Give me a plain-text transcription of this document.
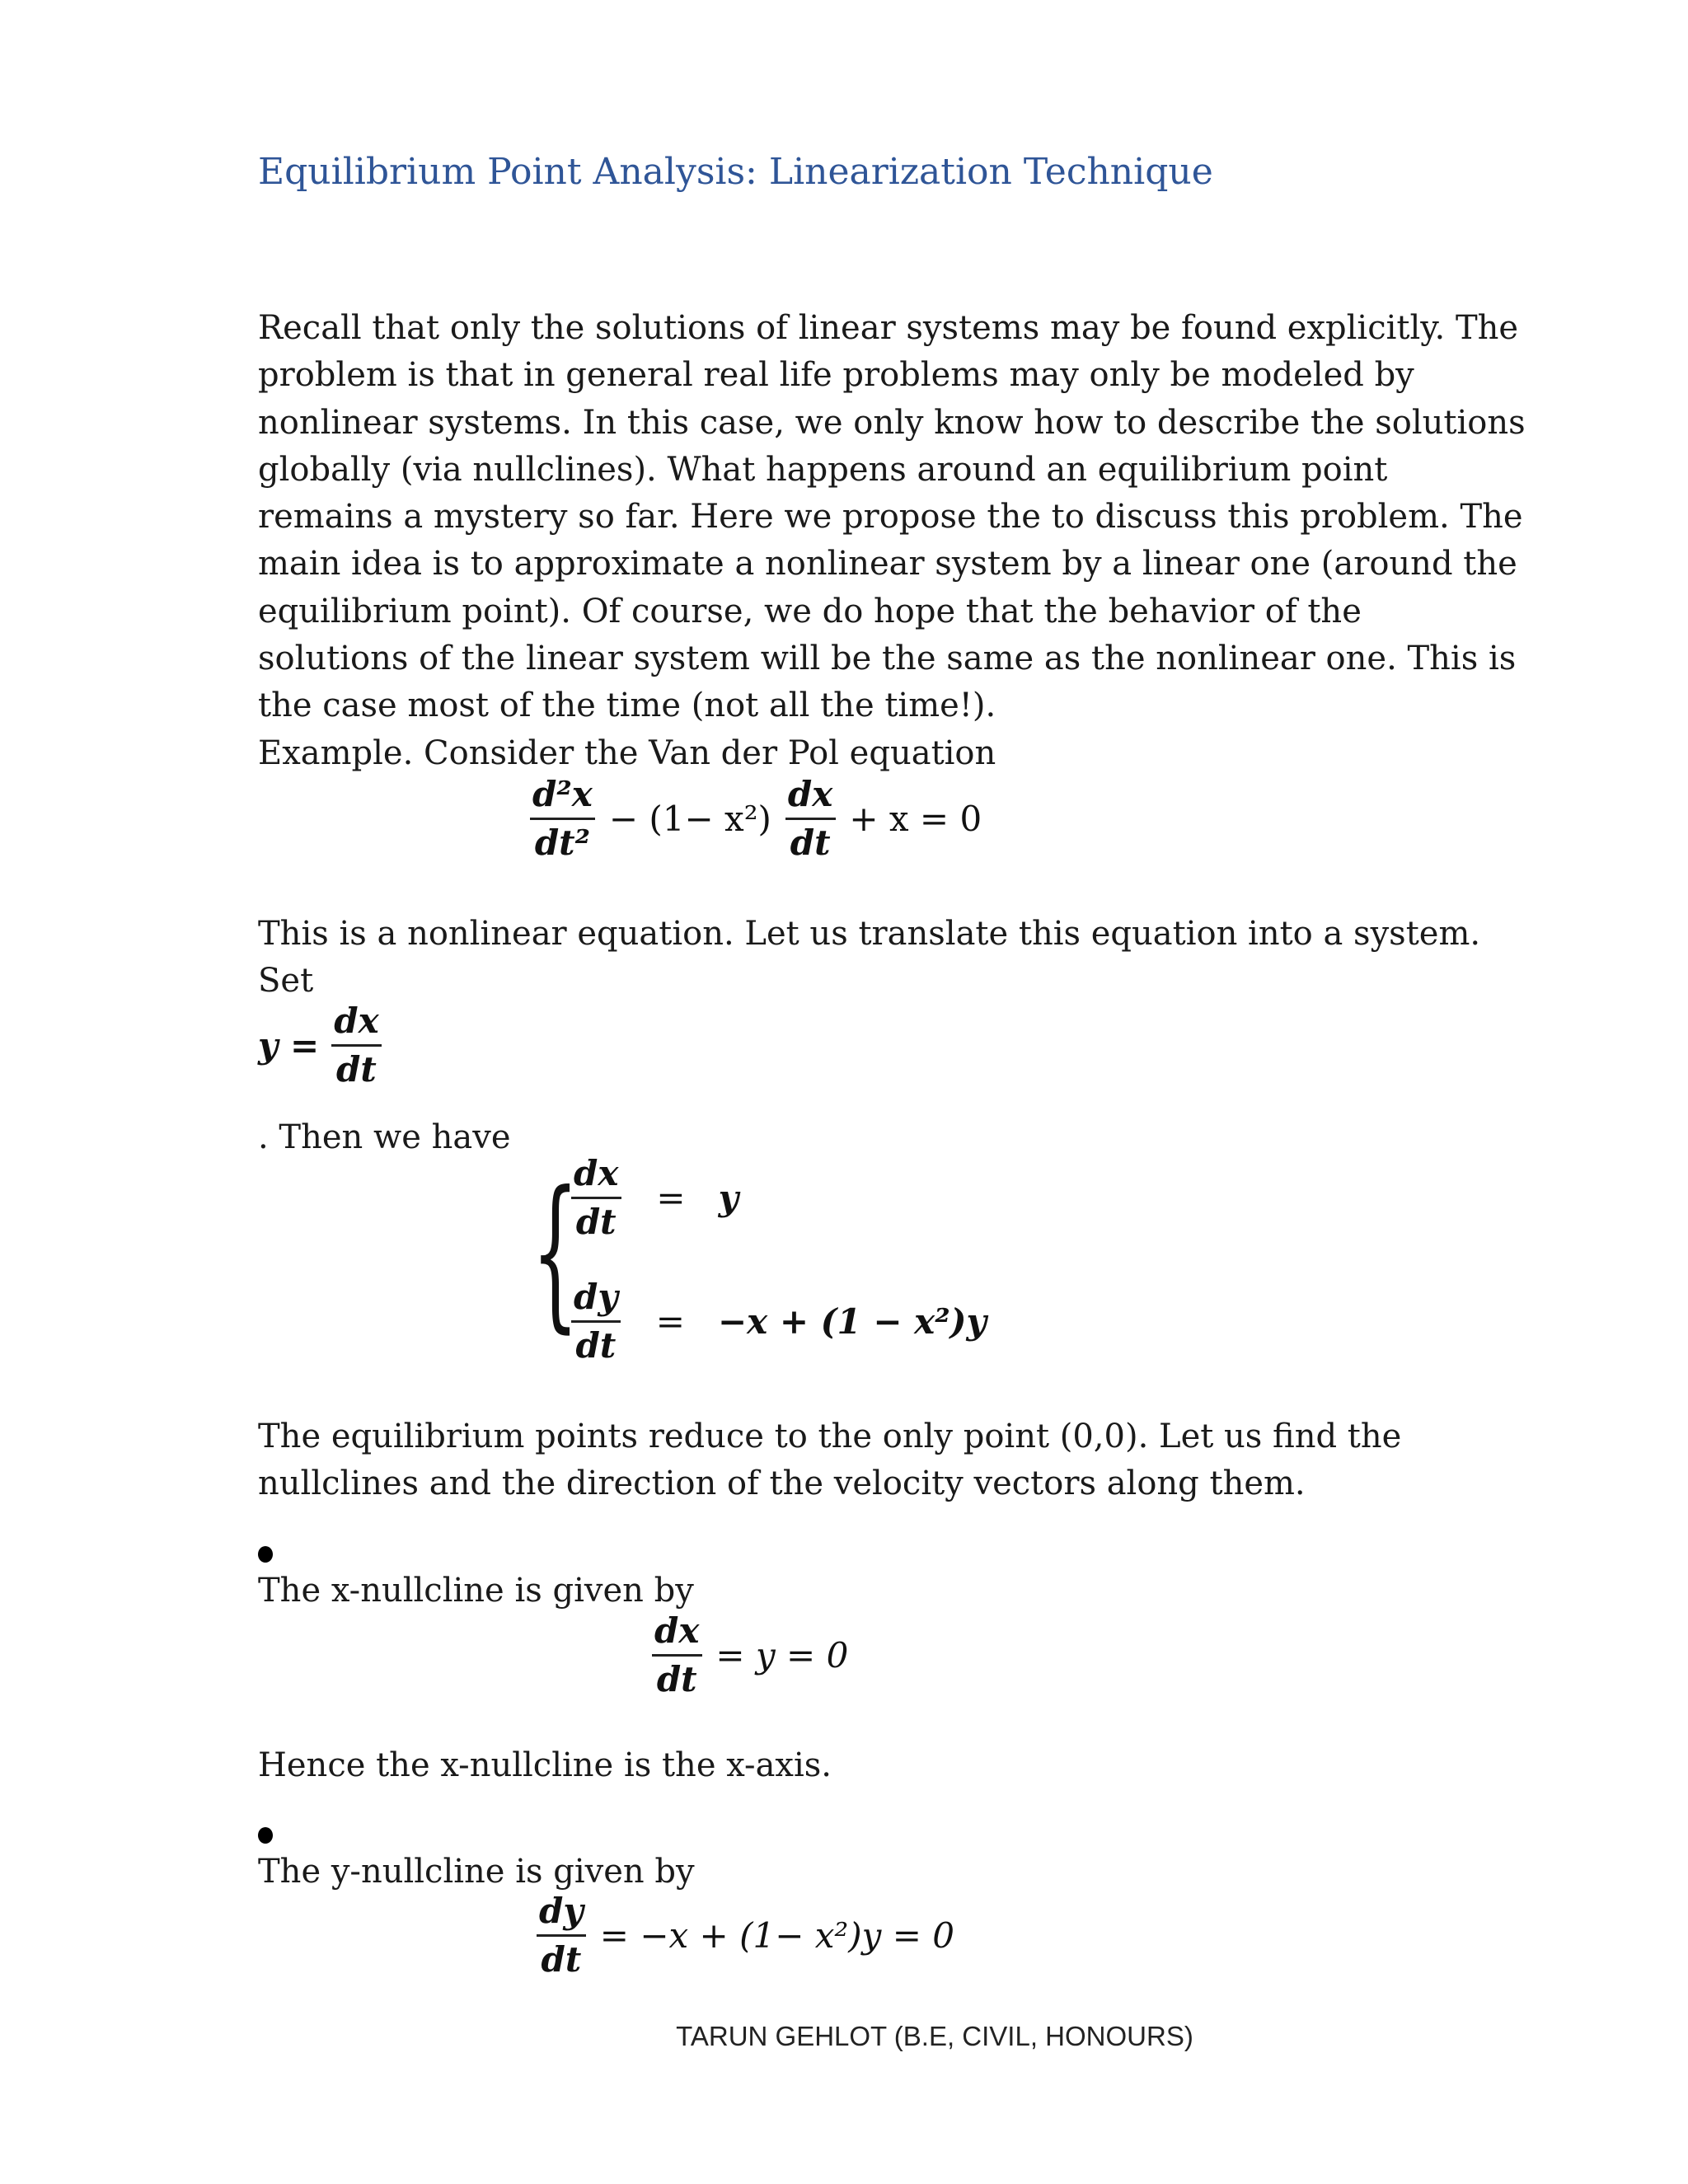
Equilibrium Point Analysis: Linearization Technique
Recall that only the solutions of linear systems may be found explicitly. The
problem is that in general real life problems may only be modeled by
nonlinear systems. In this case, we only know how to describe the solutions
globally (via nullclines). What happens around an equilibrium point
remains a mystery so far. Here we propose the to discuss this problem. The
main idea is to approximate a nonlinear system by a linear one (around the
equilibrium point). Of course, we do hope that the behavior of the
solutions of the linear system will be the same as the nonlinear one. This is
the case most of the time (not all the time!).
Example. Consider the Van der Pol equation
$\frac{\text{d²x}}{\text{dt²}} - (1- x^2) \frac{dx}{dt} + x = 0$
This is a nonlinear equation. Let us translate this equation into a system.
Set
$y = \frac{dx}{dt}$
. Then we have
{
$\frac{dx}{dt} = y$
$\frac{dy}{dt} = -x + (1 - x^2)y$
The equilibrium points reduce to the only point (0,0). Let us find the
nullclines and the direction of the velocity vectors along them.
The x-nullcline is given by
$\frac{dx}{dt} = y = 0$
Hence the x-nullcline is the x-axis.
The y-nullcline is given by
$\frac{dy}{dt} = -x + (1- x^2)y = 0$
TARUN GEHLOT (B.E, CIVIL, HONOURS)
